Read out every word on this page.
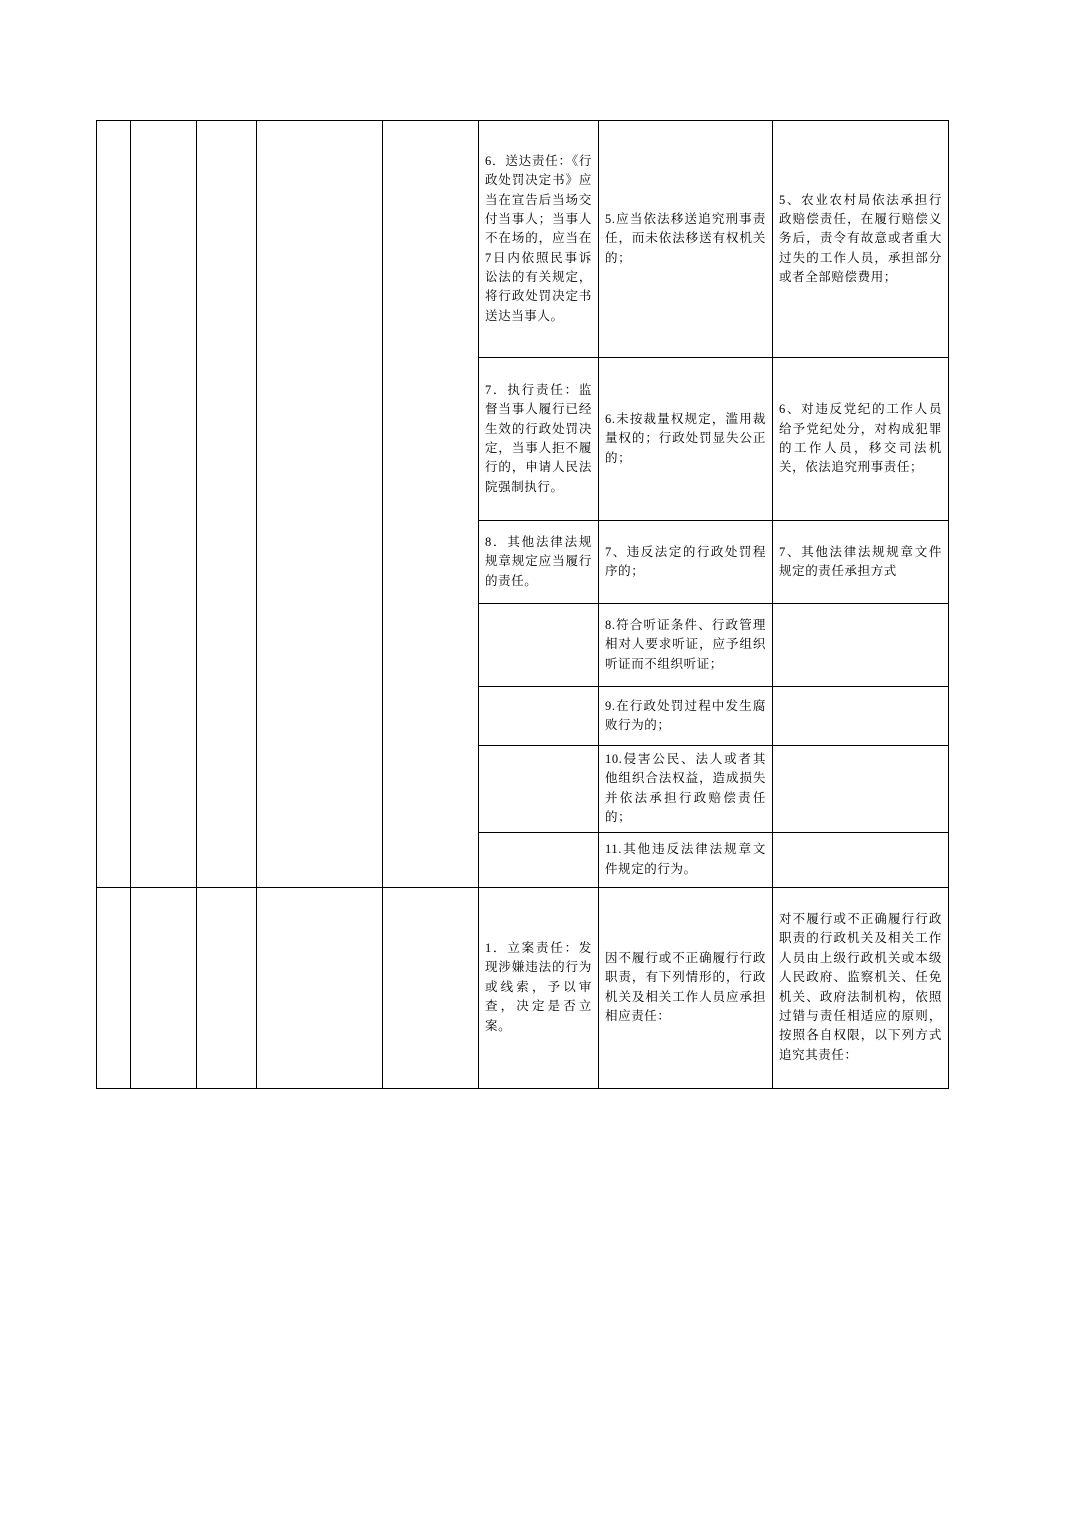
					6．送达责任：《行政处罚决定书》应当在宣告后当场交付当事人；当事人不在场的，应当在7日内依照民事诉讼法的有关规定，将行政处罚决定书送达当事人。	5.应当依法移送追究刑事责任，而未依法移送有权机关的；	5、农业农村局依法承担行政赔偿责任，在履行赔偿义务后，责令有故意或者重大过失的工作人员，承担部分或者全部赔偿费用；
					7．执行责任：监督当事人履行已经生效的行政处罚决定，当事人拒不履行的，申请人民法院强制执行。	6.未按裁量权规定，滥用裁量权的；行政处罚显失公正的；	6、对违反党纪的工作人员给予党纪处分，对构成犯罪的工作人员，移交司法机关，依法追究刑事责任；
					8．其他法律法规规章规定应当履行的责任。	7、违反法定的行政处罚程序的；	7、其他法律法规规章文件规定的责任承担方式
						8.符合听证条件、行政管理相对人要求听证，应予组织听证而不组织听证；	
						9.在行政处罚过程中发生腐败行为的；	
						10.侵害公民、法人或者其他组织合法权益，造成损失并依法承担行政赔偿责任的；	
						11.其他违反法律法规章文件规定的行为。	
					1．立案责任：发现涉嫌违法的行为或线索，予以审查，决定是否立案。	因不履行或不正确履行行政职责，有下列情形的，行政机关及相关工作人员应承担相应责任：	对不履行或不正确履行行政职责的行政机关及相关工作人员由上级行政机关或本级人民政府、监察机关、任免机关、政府法制机构，依照过错与责任相适应的原则，按照各自权限，以下列方式追究其责任：
